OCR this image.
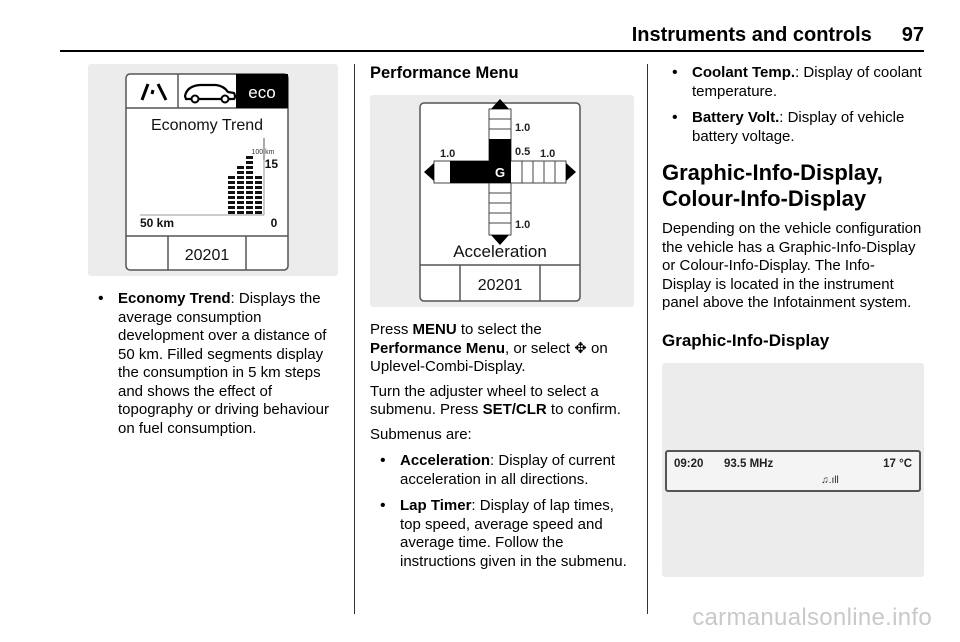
Instruments and controls 97
eco
Economy Trend
100 km
15
50 km	0
20201
• Economy Trend: Displays the average consumption development over a distance of 50 km. Filled segments display the consumption in 5 km steps and shows the effect of topography or driving behaviour on fuel consumption.
Performance Menu
G
1.0
0.5
1.0	1.0
1.0
Acceleration
20201

Press MENU to select the Performance Menu, or select ✥ on Uplevel-Combi-Display.

Turn the adjuster wheel to select a submenu. Press SET/CLR to confirm.

Submenus are:

• Acceleration: Display of current acceleration in all directions.
• Lap Timer: Display of lap times, top speed, average speed and average time. Follow the instructions given in the submenu.
• Coolant Temp.: Display of coolant temperature.
• Battery Volt.: Display of vehicle battery voltage.
Graphic-Info-Display, Colour-Info-Display

Depending on the vehicle configuration the vehicle has a Graphic-Info-Display or Colour-Info-Display. The Info-Display is located in the instrument panel above the Infotainment system.

Graphic-Info-Display
09:20 93.5 MHz	17 °C
♫.ıll
carmanualsonline.info
